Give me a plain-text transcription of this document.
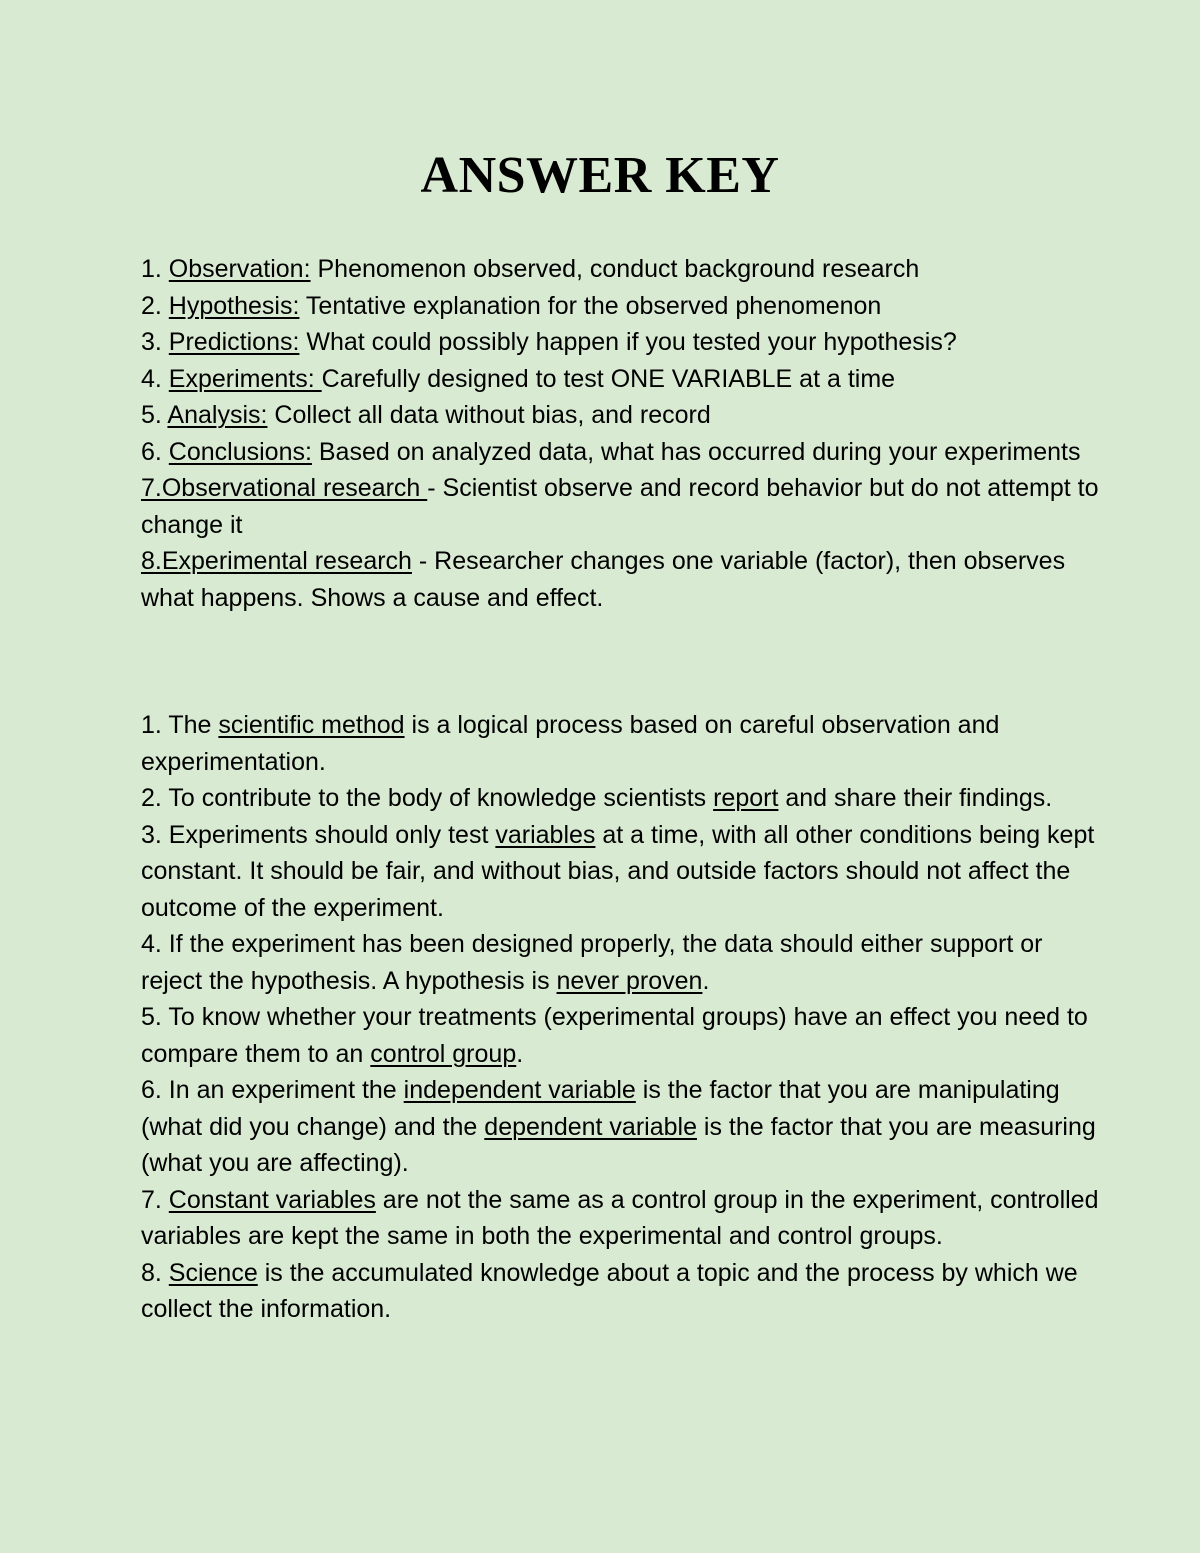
ANSWER KEY

1. Observation: Phenomenon observed, conduct background research

2. Hypothesis: Tentative explanation for the observed phenomenon

3. Predictions: What could possibly happen if you tested your hypothesis?

4. Experiments: Carefully designed to test ONE VARIABLE at a time

5. Analysis: Collect all data without bias, and record

6. Conclusions: Based on analyzed data, what has occurred during your experiments

7.Observational research - Scientist observe and record behavior but do not attempt to change it

8.Experimental research - Researcher changes one variable (factor), then observes what happens. Shows a cause and effect.

1. The scientific method is a logical process based on careful observation and experimentation.

2. To contribute to the body of knowledge scientists report and share their findings.

3. Experiments should only test variables at a time, with all other conditions being kept constant. It should be fair, and without bias, and outside factors should not affect the outcome of the experiment.

4. If the experiment has been designed properly, the data should either support or reject the hypothesis. A hypothesis is never proven.

5. To know whether your treatments (experimental groups) have an effect you need to compare them to an control group.

6. In an experiment the independent variable is the factor that you are manipulating (what did you change) and the dependent variable is the factor that you are measuring (what you are affecting).

7. Constant variables are not the same as a control group in the experiment, controlled variables are kept the same in both the experimental and control groups.

8. Science is the accumulated knowledge about a topic and the process by which we collect the information.
